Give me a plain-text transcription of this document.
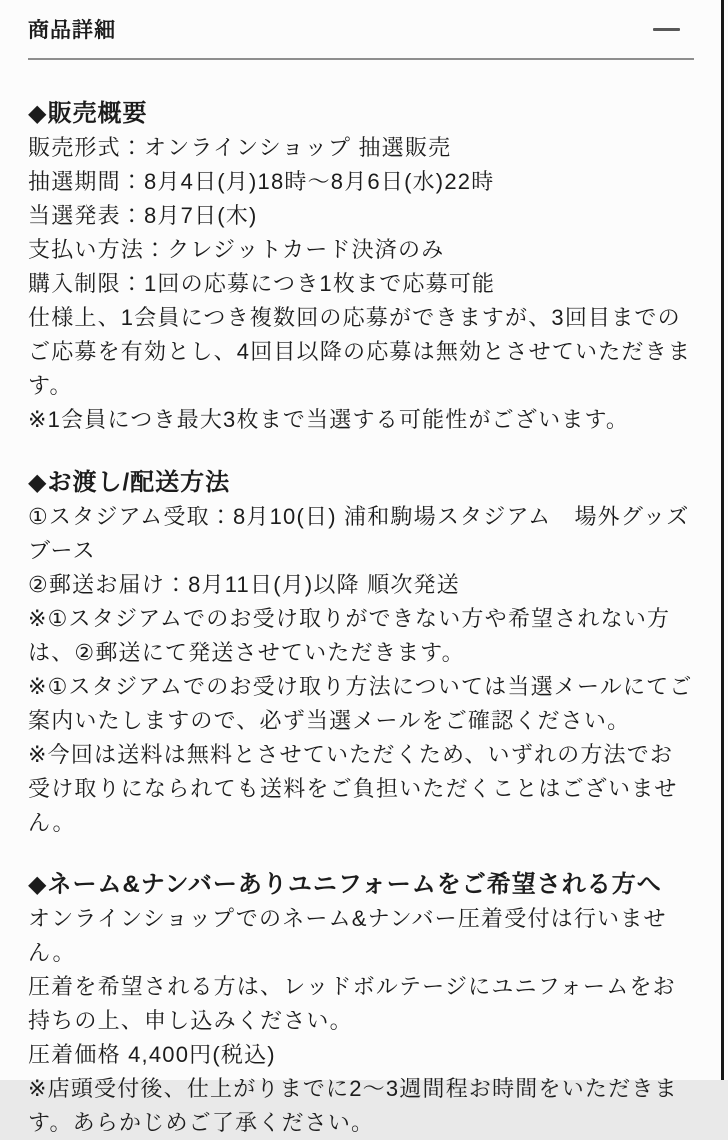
商品詳細
◆販売概要

販売形式：オンラインショップ 抽選販売

抽選期間：8月4日(月)18時～8月6日(水)22時

当選発表：8月7日(木)

支払い方法：クレジットカード決済のみ

購入制限：1回の応募につき1枚まで応募可能

仕様上、1会員につき複数回の応募ができますが、3回目までのご応募を有効とし、4回目以降の応募は無効とさせていただきます。

※1会員につき最大3枚まで当選する可能性がございます。

◆お渡し/配送方法

①スタジアム受取：8月10(日) 浦和駒場スタジアム　場外グッズブース

②郵送お届け：8月11日(月)以降 順次発送

※①スタジアムでのお受け取りができない方や希望されない方は、②郵送にて発送させていただきます。

※①スタジアムでのお受け取り方法については当選メールにてご案内いたしますので、必ず当選メールをご確認ください。

※今回は送料は無料とさせていただくため、いずれの方法でお受け取りになられても送料をご負担いただくことはございません。

◆ネーム&ナンバーありユニフォームをご希望される方へ

オンラインショップでのネーム&ナンバー圧着受付は行いません。

圧着を希望される方は、レッドボルテージにユニフォームをお持ちの上、申し込みください。

圧着価格 4,400円(税込)

※店頭受付後、仕上がりまでに2～3週間程お時間をいただきます。あらかじめご了承ください。
